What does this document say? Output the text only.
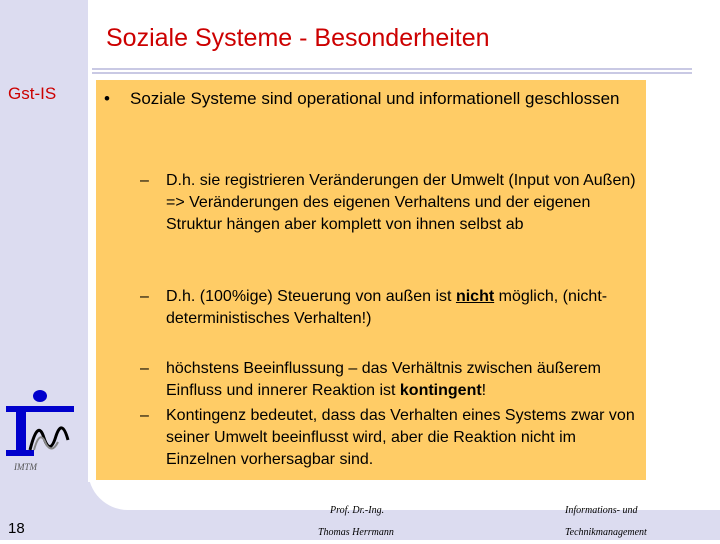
Soziale Systeme - Besonderheiten
Gst-IS	• Soziale Systeme sind operational und informationell geschlossen
– D.h. sie registrieren Veränderungen der Umwelt (Input von Außen) => Veränderungen des eigenen Verhaltens und der eigenen Struktur hängen aber komplett von ihnen selbst ab
– D.h. (100%ige) Steuerung von außen ist nicht möglich, (nicht-deterministisches Verhalten!)
– höchstens Beeinflussung – das Verhältnis zwischen äußerem Einfluss und innerer Reaktion ist kontingent!
– Kontingenz bedeutet, dass das Verhalten eines Systems zwar von seiner Umwelt beeinflusst wird, aber die Reaktion nicht im Einzelnen vorhersagbar sind.
IMTM
18
Prof. Dr.-Ing.
Thomas Herrmann
Informations- und
Technikmanagement
